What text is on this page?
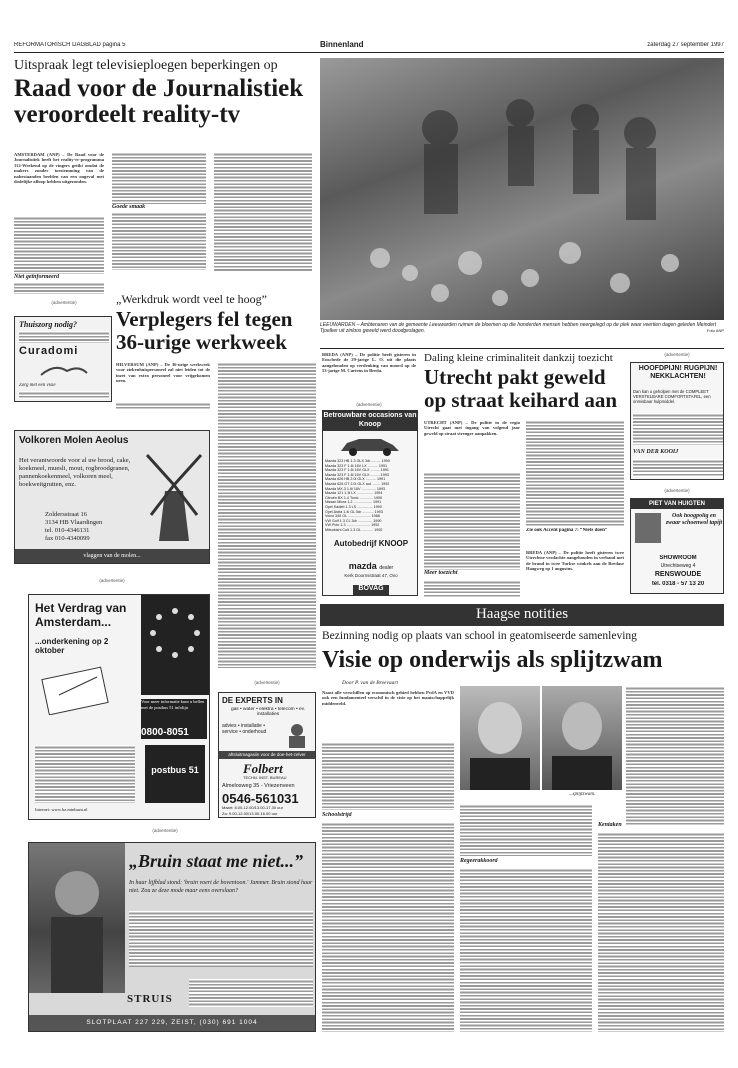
REFORMATORISCH DAGBLAD pagina 5	Binnenland	zaterdag 27 september 1997
Uitspraak legt televisieploegen beperkingen op
Raad voor de Journalistiek veroordeelt reality-tv
AMSTERDAM (ANP) – De Raad voor de Journalistiek heeft het reality-tv-programma 112-Weekend op de vingers getikt omdat de makers zonder toestemming van de nabestaanden beelden van een ongeval met dodelijke afloop hebben uitgezonden.
Niet geïnformeerd
Goede smaak
LEEUWARDEN – Ambtenaren van de gemeente Leeuwarden ruimen de bloemen op die honderden mensen hebben neergelegd op de plek waar veertien dagen geleden Meindert Tjoelker uit zinloos geweld werd doodgeslagen.	Foto ANP
(advertentie)
Thuiszorg nodig?
Curadomi
Zorg met een visie
„Werkdruk wordt veel te hoog”
Verplegers fel tegen 36-urige werkweek
HILVERSUM (ANP) – De 36-urige werkweek voor ziekenhuispersoneel zal niet leiden tot de inzet van extra personeel voor vrijgekomen uren.
Volkoren Molen Aeolus
Het verantwoorde voor al uw brood, cake, koekmeel, muesli, mout, rogbroodgranen, pannenkoekenmeel, volkoren meel, boekweitgrutten, enz.
Zoldersstraat 16
3134 HB Vlaardingen
tel. 010-4346131
fax 010-4340099
vlaggen van de molen...
(advertentie)
Het Verdrag van Amsterdam...
...onderkening op 2 oktober
Voor meer informatie kunt u bellen met de postbus 51 infolijn
0800-8051
postbus 51
Internet: www.bz.minbuza.nl
(advertentie)
DE EXPERTS IN
gas • water • elektra • telecom • ev. installaties
advies • installatie • service • onderhoud
aftsluitmagasiin voor de doe-het-zelver
Folbert
TECHN. INST. BUREAU
Almelosweg 35 - Vriezenveen
0546-561031
Maart: 8.00-12.00/13.00-17.30 uur
Za: 9.00-12.00/13.00-16.00 uur
(advertentie)
„Bruin staat me niet...”
In haar lijfblad stond: 'bruin voert de boventoon.' Jammer. Bruin stond haar niet. Zou ze deze mode maar eens overslaan?
STRUIS
SLOTPLAAT 227 229, ZEIST, (030) 691 1004
BREDA (ANP) – De politie heeft gisteren in Enschede de 29-jarige L. O. uit die plaats aangehouden op verdenking van moord op de 53-jarige M. Cartens in Breda.
(advertentie)
Betrouwbare occasions van Knoop
Mazda 323 HB 1.3 GLX 3dr ......... 1990
Mazda 323 F 1.6i 16V LX .......... 1991
Mazda 323 F 1.6i 16V GLX ......... 1991
Mazda 323 F 1.6i 16V GLX ......... 1993
Mazda 626 HB 2.0i GLX .......... 1991
Mazda 626 GT 2.0i GLX aut. ....... 1992
Mazda MX-3 1.6i 16V .............. 1993
Mazda 121 1.3i LX ................ 1994
Citroën BX 1.4 Tonic ............. 1990
Nissan Micra 1.2 .................. 1991
Opel Kadett 1.3 LS ............... 1990
Opel Astra 1.4i GL 5dr ........... 1993
Volvo 340 GL ...................... 1988
VW Golf 1.3 CL 3dr .............. 1990
VW Polo 1.3 ....................... 1992
Mitsubishi Colt 1.3 GL ........... 1992
Autobedrijf KNOOP
mazda dealer
Kerk Doornsstraat 47, Ovo
BOVAG
Daling kleine criminaliteit dankzij toezicht
Utrecht pakt geweld op straat keihard aan
UTRECHT (ANP) – De politie in de regio Utrecht gaat met ingang van volgend jaar geweld op straat strenger aanpakken.
Meer toezicht
Zie ook Accent pagina 7: “Niets doen”
BREDA (ANP) – De politie heeft gisteren twee Utrechtse verdachte aangehouden in verband met de brand in twee Turkse winkels aan de Bredase Haagweg op 1 augustus.
(advertentie)
HOOFDPIJN! RUGPIJN! NEKKLACHTEN!
Dan kan u geholpen met de COMPLEET VERSTELBARE COMFORTSTAFEL, een onmisbaar hulpmiddel.
VAN DER KOOIJ
(advertentie)
PIET VAN HUIGTEN
Ook hoogpolig en zwaar schoenwol tapijt
SHOWROOM
Utrechtseweg 4
RENSWOUDE
tel. 0318 - 57 13 20
Haagse notities
Bezinning nodig op plaats van school in geatomiseerde samenleving
Visie op onderwijs als splijtzwam
Door P. van de Breevaart
Naast alle verschillen op economisch gebied hebben PvdA en VVD ook een fundamenteel verschil in de visie op het maatschappelijk middenveld.
Schoolstrijd
...splijtzwam.
Regeerakkoord
Kentaken
